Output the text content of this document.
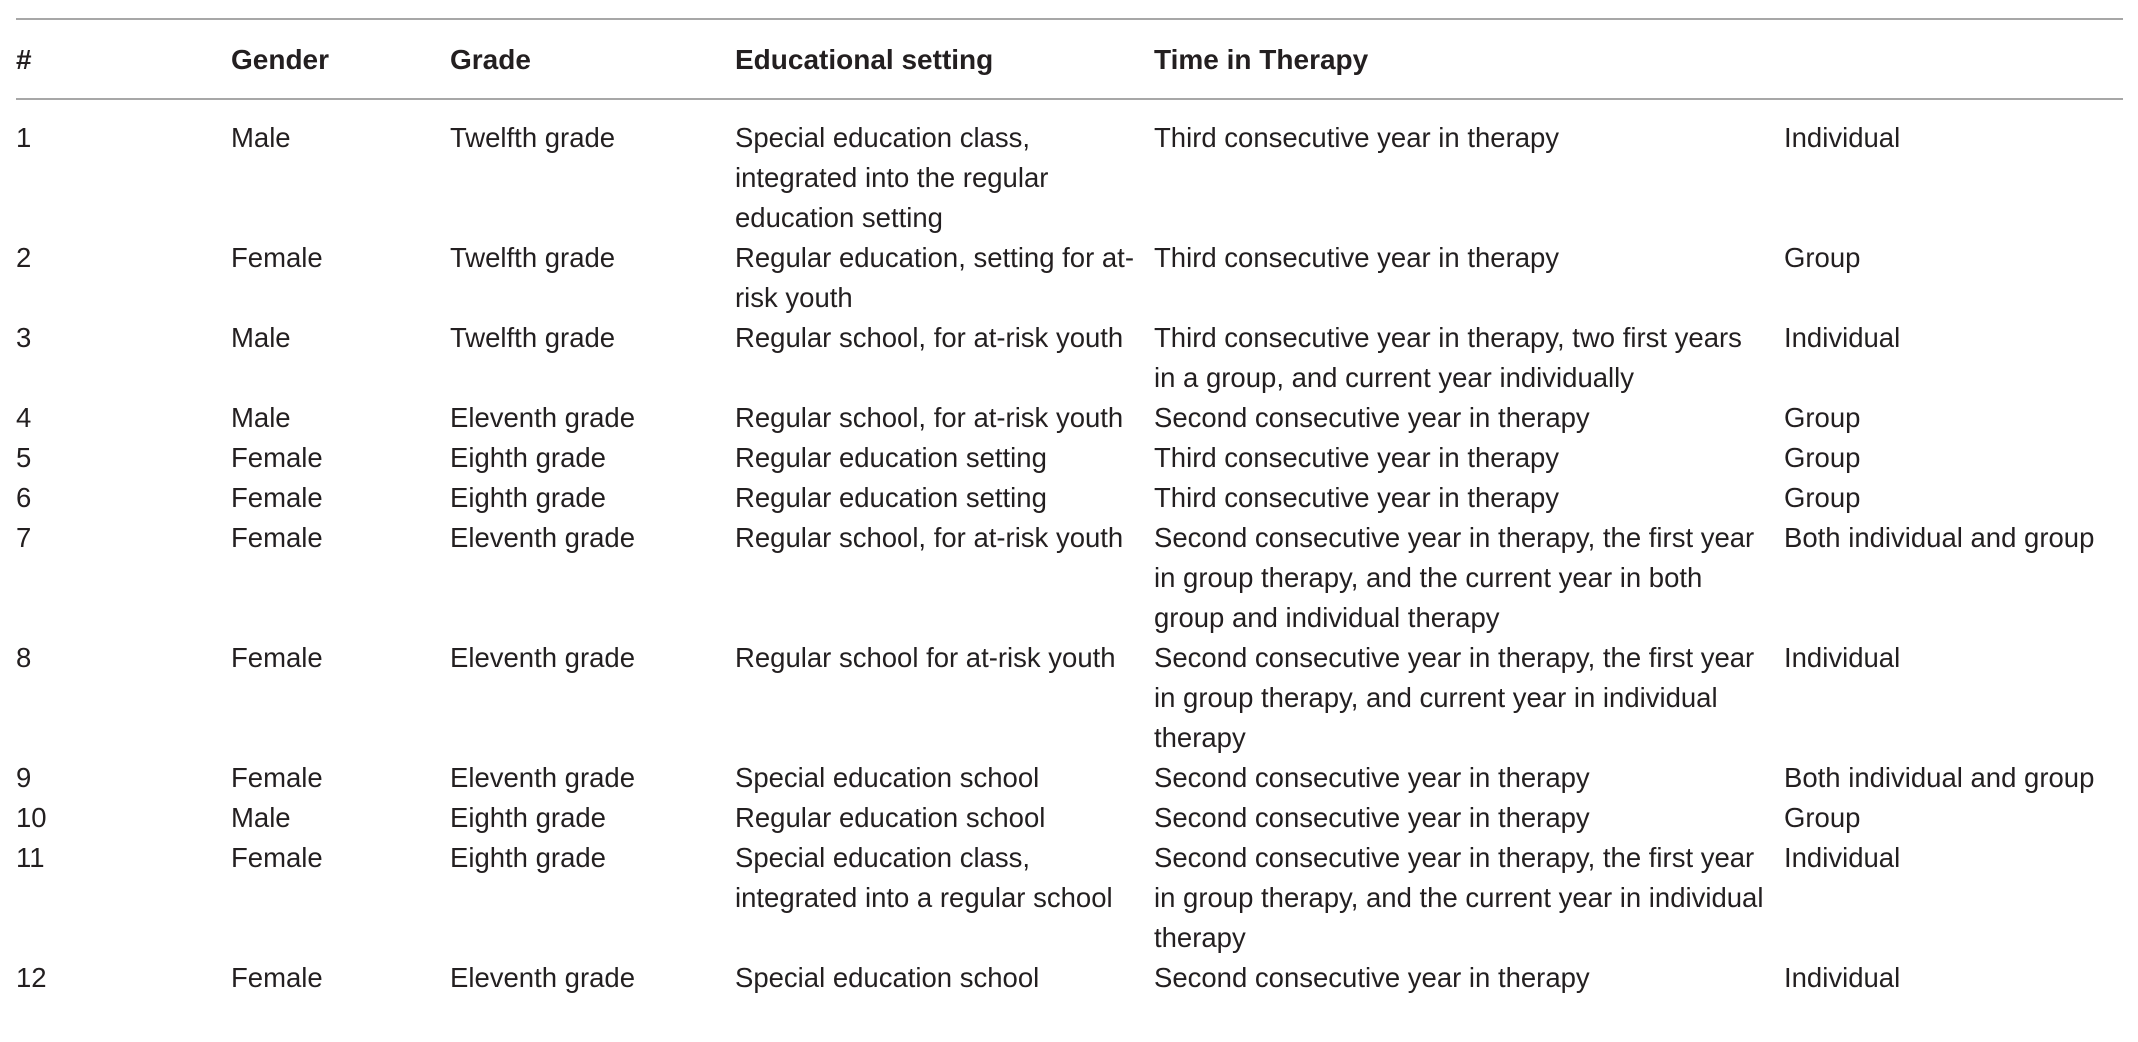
#	Gender	Grade	Educational setting	Time in Therapy	

1	Male	Twelfth grade	Special education class, integrated into the regular education setting	Third consecutive year in therapy	Individual

2	Female	Twelfth grade	Regular education, setting for at-risk youth	Third consecutive year in therapy	Group

3	Male	Twelfth grade	Regular school, for at-risk youth	Third consecutive year in therapy, two first years in a group, and current year individually	Individual

4	Male	Eleventh grade	Regular school, for at-risk youth	Second consecutive year in therapy	Group

5	Female	Eighth grade	Regular education setting	Third consecutive year in therapy	Group

6	Female	Eighth grade	Regular education setting	Third consecutive year in therapy	Group

7	Female	Eleventh grade	Regular school, for at-risk youth	Second consecutive year in therapy, the first year in group therapy, and the current year in both group and individual therapy	Both individual and group

8	Female	Eleventh grade	Regular school for at-risk youth	Second consecutive year in therapy, the first year in group therapy, and current year in individual therapy	Individual

9	Female	Eleventh grade	Special education school	Second consecutive year in therapy	Both individual and group

10	Male	Eighth grade	Regular education school	Second consecutive year in therapy	Group

11	Female	Eighth grade	Special education class, integrated into a regular school	Second consecutive year in therapy, the first year in group therapy, and the current year in individual therapy	Individual

12	Female	Eleventh grade	Special education school	Second consecutive year in therapy	Individual
